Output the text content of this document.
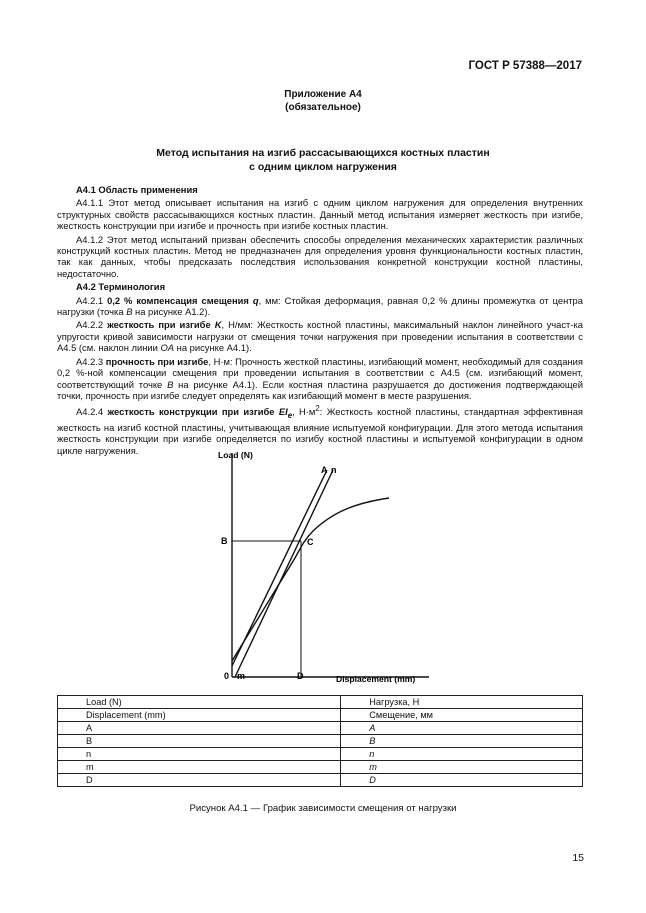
ГОСТ Р 57388—2017
Приложение А4
(обязательное)
Метод испытания на изгиб рассасывающихся костных пластин
с одним циклом нагружения

А4.1 Область применения

А4.1.1 Этот метод описывает испытания на изгиб с одним циклом нагружения для определения внутренних структурных свойств рассасывающихся костных пластин. Данный метод испытания измеряет жесткость при изгибе, жесткость конструкции при изгибе и прочность при изгибе костных пластин.

А4.1.2 Этот метод испытаний призван обеспечить способы определения механических характеристик различных конструкций костных пластин. Метод не предназначен для определения уровня функциональности костных пластин, так как данных, чтобы предсказать последствия использования конкретной конструкции костной пластины, недостаточно.

А4.2 Терминология

А4.2.1 0,2 % компенсация смещения q, мм: Стойкая деформация, равная 0,2 % длины промежутка от центра нагрузки (точка B на рисунке А1.2).

А4.2.2 жесткость при изгибе K, Н/мм: Жесткость костной пластины, максимальный наклон линейного участ-ка упругости кривой зависимости нагрузки от смещения точки нагружения при проведении испытания в соответствии с А4.5 (см. наклон линии OA на рисунке А4.1).

А4.2.3 прочность при изгибе, Н·м: Прочность жесткой пластины, изгибающий момент, необходимый для создания 0,2 %-ной компенсации смещения при проведении испытания в соответствии с А4.5 (см. изгибающий момент, соответствующий точке B на рисунке А4.1). Если костная пластина разрушается до достижения подтверждающей точки, прочность при изгибе следует определять как изгибающий момент в месте разрушения.

А4.2.4 жесткость конструкции при изгибе $EI_e$, $Н\cdot м^2$: Жесткость костной пластины, стандартная эффективная жесткость на изгиб костной пластины, учитывающая влияние испытуемой конфигурации. Для этого метода испытания жесткость конструкции при изгибе определяется по изгибу костной пластины и испытуемой конфигурации в одном цикле нагружения.	Load (N)
Displacement (mm)
A n
B	C
0 m	D
Load (N)	Нагрузка, Н
Displacement (mm)	Смещение, мм
A	A
B	B
n	n
m	m
D	D
Рисунок А4.1 — График зависимости смещения от нагрузки
15
